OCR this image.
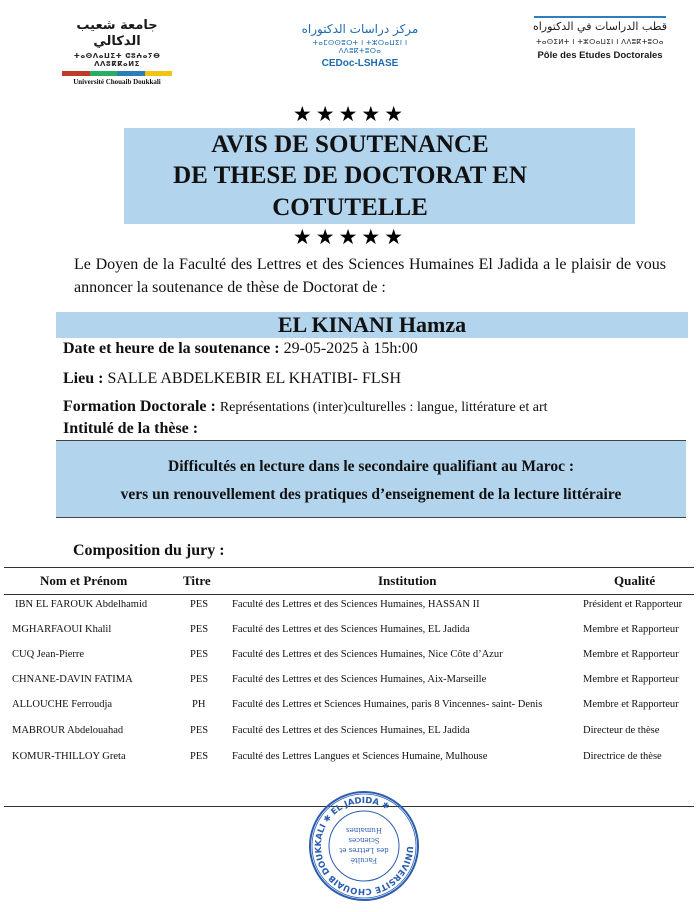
جامعة شعيب الدكالي
ⵜⴰⵙⴷⴰⵡⵉⵜ ⵛⵓⵄⴰⵢⴱ ⴷⴷⵓⴽⴽⴰⵍⵉ
Université Chouaib Doukkali
مركز دراسات الدكتوراه
ⵜⴰⵎⵙⵙⵓⵔⵜ ⵏ ⵜⵣⵔⴰⵡⵉⵏ ⵏ ⴷⴷⵓⴽⵜⵓⵔⴰ
CEDoc-LSHASE
قطب الدراسات في الدكتوراه
ⵜⴰⵙⵉⵍⵜ ⵏ ⵜⵣⵔⴰⵡⵉⵏ ⵏ ⴷⴷⵓⴽⵜⵓⵔⴰ
Pôle des Etudes Doctorales
★★★★★
AVIS DE SOUTENANCE
DE THESE DE DOCTORAT EN
COTUTELLE
★★★★★
Le Doyen de la Faculté des Lettres et des Sciences Humaines El Jadida a le plaisir de vous annoncer la soutenance de thèse de Doctorat de :
EL KINANI Hamza
Date et heure de la soutenance : 29-05-2025 à 15h:00
Lieu : SALLE ABDELKEBIR EL KHATIBI- FLSH
Formation Doctorale : Représentations (inter)culturelles : langue, littérature et art
Intitulé de la thèse :
Difficultés en lecture dans le secondaire qualifiant au Maroc :
vers un renouvellement des pratiques d’enseignement de la lecture littéraire
Composition du jury :
Nom et Prénom	Titre	Institution	Qualité
IBN EL FAROUK Abdelhamid	PES Faculté des Lettres et des Sciences Humaines, HASSAN II	Président et Rapporteur
MGHARFAOUI Khalil	PES Faculté des Lettres et des Sciences Humaines, EL Jadida	Membre et Rapporteur
CUQ Jean-Pierre	PES Faculté des Lettres et des Sciences Humaines, Nice Côte d’Azur	Membre et Rapporteur
CHNANE-DAVIN FATIMA	PES Faculté des Lettres et des Sciences Humaines, Aix-Marseille	Membre et Rapporteur
ALLOUCHE Ferroudja	PH	Faculté des Lettres et Sciences Humaines, paris 8 Vincennes- saint- Denis	Membre et Rapporteur
MABROUR Abdelouahad	PES Faculté des Lettres et des Sciences Humaines, EL Jadida	Directeur de thèse
KOMUR-THILLOY Greta	PES Faculté des Lettres Langues et Sciences Humaine, Mulhouse	Directrice de thèse
UNIVERSITE CHOUAIB DOUKKALI ✱ EL JADIDA ✱
Faculté
des Lettres et
Sciences
Humaines
